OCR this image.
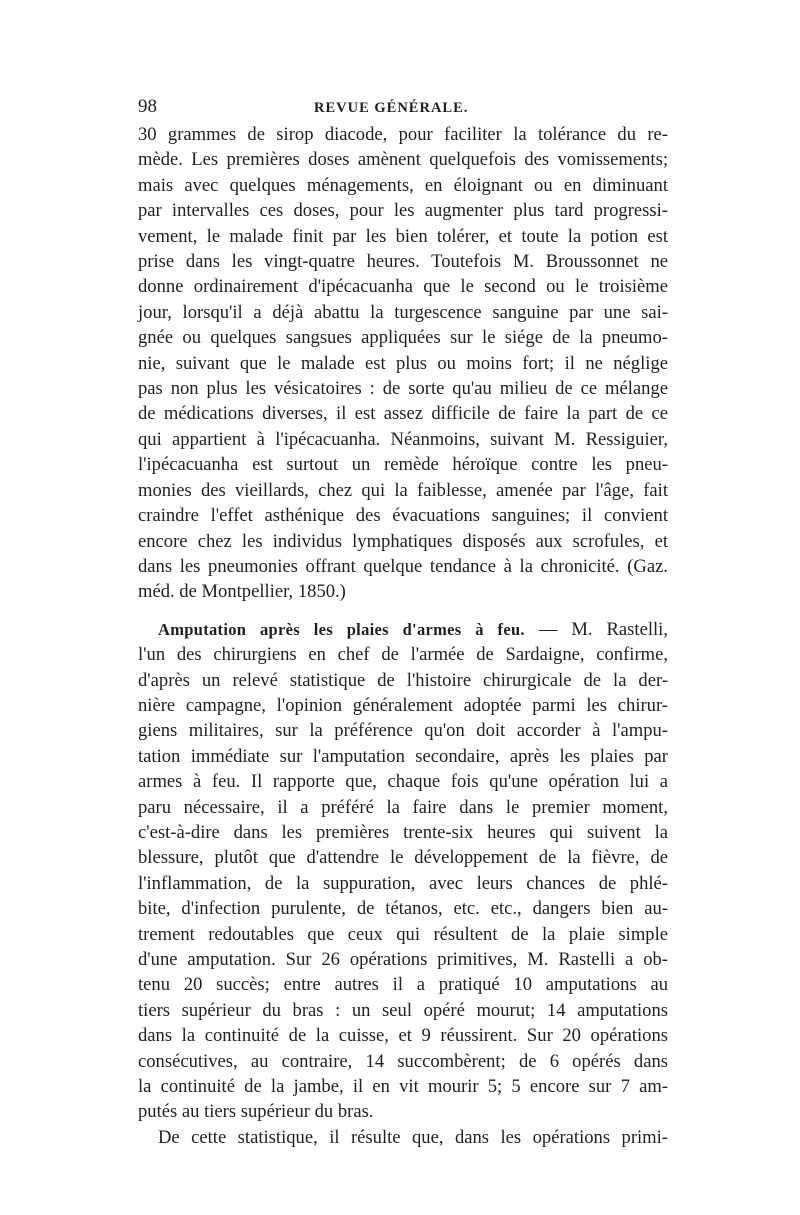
98	REVUE GÉNÉRALE.
30 grammes de sirop diacode, pour faciliter la tolérance du re-
mède. Les premières doses amènent quelquefois des vomissements;
mais avec quelques ménagements, en éloignant ou en diminuant
par intervalles ces doses, pour les augmenter plus tard progressi-
vement, le malade finit par les bien tolérer, et toute la potion est
prise dans les vingt-quatre heures. Toutefois M. Broussonnet ne
donne ordinairement d'ipécacuanha que le second ou le troisième
jour, lorsqu'il a déjà abattu la turgescence sanguine par une sai-
gnée ou quelques sangsues appliquées sur le siége de la pneumo-
nie, suivant que le malade est plus ou moins fort; il ne néglige
pas non plus les vésicatoires : de sorte qu'au milieu de ce mélange
de médications diverses, il est assez difficile de faire la part de ce
qui appartient à l'ipécacuanha. Néanmoins, suivant M. Ressiguier,
l'ipécacuanha est surtout un remède héroïque contre les pneu-
monies des vieillards, chez qui la faiblesse, amenée par l'âge, fait
craindre l'effet asthénique des évacuations sanguines; il convient
encore chez les individus lymphatiques disposés aux scrofules, et
dans les pneumonies offrant quelque tendance à la chronicité. (Gaz.
méd. de Montpellier, 1850.)
Amputation après les plaies d'armes à feu. — M. Rastelli,
l'un des chirurgiens en chef de l'armée de Sardaigne, confirme,
d'après un relevé statistique de l'histoire chirurgicale de la der-
nière campagne, l'opinion généralement adoptée parmi les chirur-
giens militaires, sur la préférence qu'on doit accorder à l'ampu-
tation immédiate sur l'amputation secondaire, après les plaies par
armes à feu. Il rapporte que, chaque fois qu'une opération lui a
paru nécessaire, il a préféré la faire dans le premier moment,
c'est-à-dire dans les premières trente-six heures qui suivent la
blessure, plutôt que d'attendre le développement de la fièvre, de
l'inflammation, de la suppuration, avec leurs chances de phlé-
bite, d'infection purulente, de tétanos, etc. etc., dangers bien au-
trement redoutables que ceux qui résultent de la plaie simple
d'une amputation. Sur 26 opérations primitives, M. Rastelli a ob-
tenu 20 succès; entre autres il a pratiqué 10 amputations au
tiers supérieur du bras : un seul opéré mourut; 14 amputations
dans la continuité de la cuisse, et 9 réussirent. Sur 20 opérations
consécutives, au contraire, 14 succombèrent; de 6 opérés dans
la continuité de la jambe, il en vit mourir 5; 5 encore sur 7 am-
putés au tiers supérieur du bras.
De cette statistique, il résulte que, dans les opérations primi-
